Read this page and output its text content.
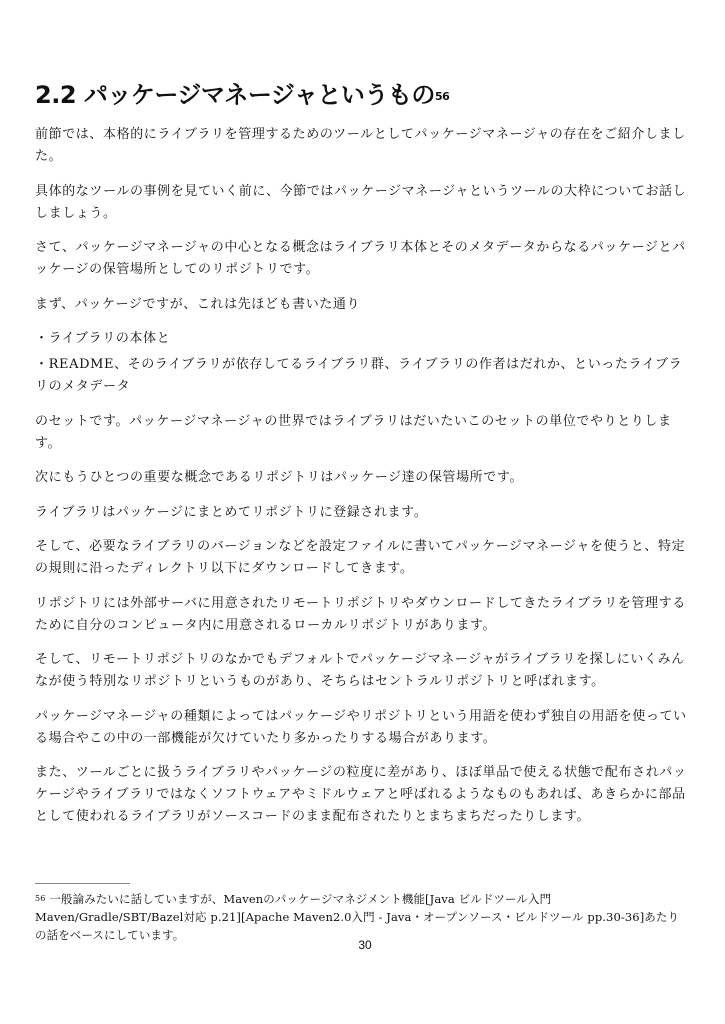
2.2 パッケージマネージャというもの$^{56}$

前節では、本格的にライブラリを管理するためのツールとしてパッケージマネージャの存在をご紹介しました。

具体的なツールの事例を見ていく前に、今節ではパッケージマネージャというツールの大枠についてお話ししましょう。

さて、パッケージマネージャの中心となる概念はライブラリ本体とそのメタデータからなるパッケージとパッケージの保管場所としてのリポジトリです。

まず、パッケージですが、これは先ほども書いた通り

・ライブラリの本体と

・README、そのライブラリが依存してるライブラリ群、ライブラリの作者はだれか、といったライブラリのメタデータ

のセットです。パッケージマネージャの世界ではライブラリはだいたいこのセットの単位でやりとりします。

次にもうひとつの重要な概念であるリポジトリはパッケージ達の保管場所です。

ライブラリはパッケージにまとめてリポジトリに登録されます。

そして、必要なライブラリのバージョンなどを設定ファイルに書いてパッケージマネージャを使うと、特定の規則に沿ったディレクトリ以下にダウンロードしてきます。

リポジトリには外部サーバに用意されたリモートリポジトリやダウンロードしてきたライブラリを管理するために自分のコンピュータ内に用意されるローカルリポジトリがあります。

そして、リモートリポジトリのなかでもデフォルトでパッケージマネージャがライブラリを探しにいくみんなが使う特別なリポジトリというものがあり、そちらはセントラルリポジトリと呼ばれます。

パッケージマネージャの種類によってはパッケージやリポジトリという用語を使わず独自の用語を使っている場合やこの中の一部機能が欠けていたり多かったりする場合があります。

また、ツールごとに扱うライブラリやパッケージの粒度に差があり、ほぼ単品で使える状態で配布されパッケージやライブラリではなくソフトウェアやミドルウェアと呼ばれるようなものもあれば、あきらかに部品として使われるライブラリがソースコードのまま配布されたりとまちまちだったりします。

$^{56}$ 一般論みたいに話していますが、Mavenのパッケージマネジメント機能[Java ビルドツール入門 Maven/Gradle/SBT/Bazel対応 p.21][Apache Maven2.0入門 - Java・オープンソース・ビルドツール pp.30-36]あたりの話をベースにしています。
30
